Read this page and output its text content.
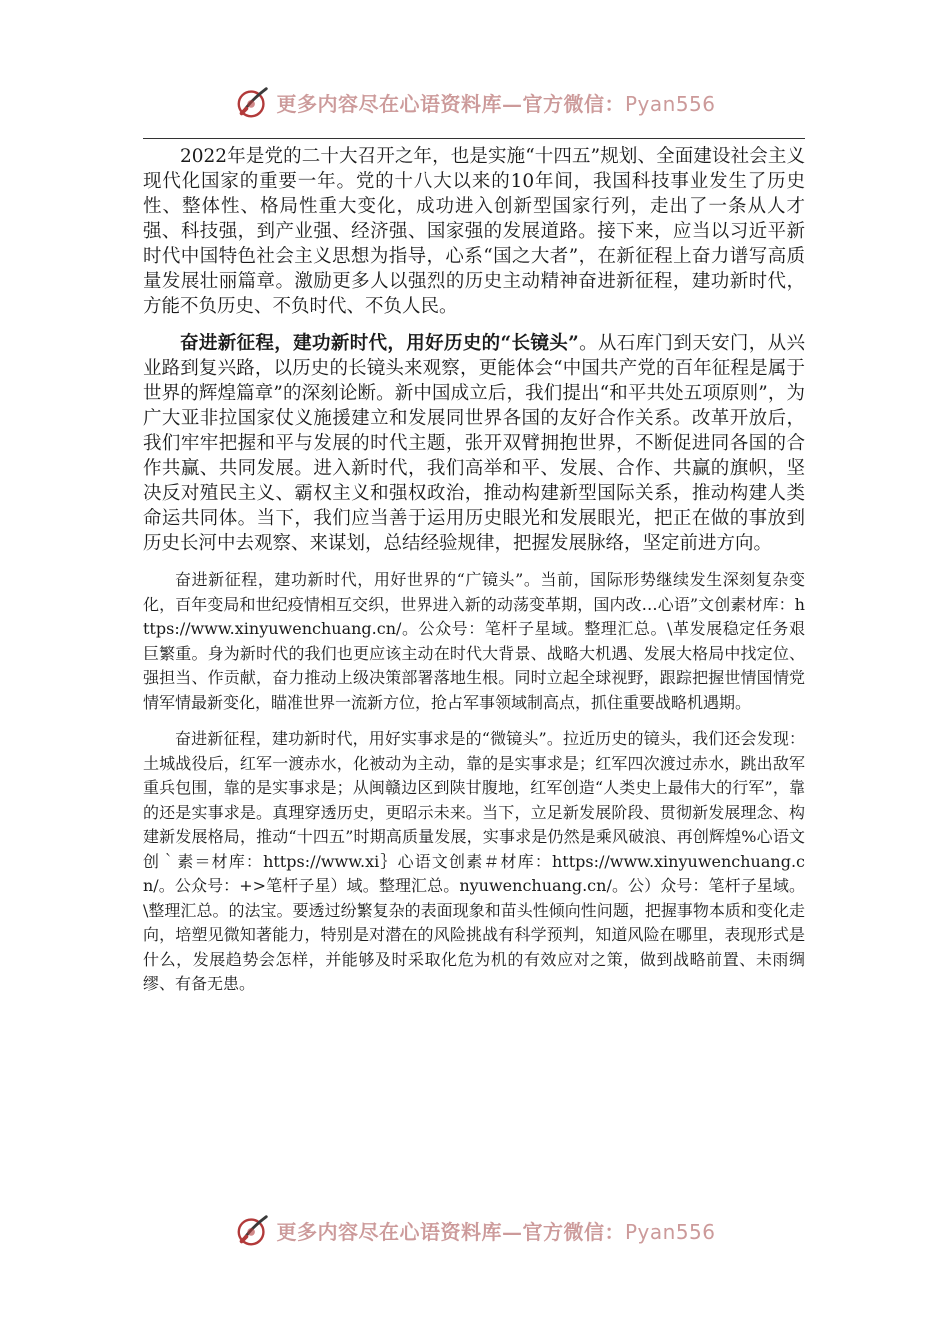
更多内容尽在心语资料库—官方微信：Pyan556

2022年是党的二十大召开之年，也是实施“十四五”规划、全面建设社会主义现代化国家的重要一年。党的十八大以来的10年间，我国科技事业发生了历史性、整体性、格局性重大变化，成功进入创新型国家行列，走出了一条从人才强、科技强，到产业强、经济强、国家强的发展道路。接下来，应当以习近平新时代中国特色社会主义思想为指导，心系“国之大者”，在新征程上奋力谱写高质量发展壮丽篇章。激励更多人以强烈的历史主动精神奋进新征程，建功新时代，方能不负历史、不负时代、不负人民。

奋进新征程，建功新时代，用好历史的“长镜头”。从石库门到天安门，从兴业路到复兴路，以历史的长镜头来观察，更能体会“中国共产党的百年征程是属于世界的辉煌篇章”的深刻论断。新中国成立后，我们提出“和平共处五项原则”，为广大亚非拉国家仗义施援建立和发展同世界各国的友好合作关系。改革开放后，我们牢牢把握和平与发展的时代主题，张开双臂拥抱世界，不断促进同各国的合作共赢、共同发展。进入新时代，我们高举和平、发展、合作、共赢的旗帜，坚决反对殖民主义、霸权主义和强权政治，推动构建新型国际关系，推动构建人类命运共同体。当下，我们应当善于运用历史眼光和发展眼光，把正在做的事放到历史长河中去观察、来谋划，总结经验规律，把握发展脉络，坚定前进方向。

奋进新征程，建功新时代，用好世界的“广镜头”。当前，国际形势继续发生深刻复杂变化，百年变局和世纪疫情相互交织，世界进入新的动荡变革期，国内改…心语”文创素材库：https://www.xinyuwenchuang.cn/。公众号：笔杆子星域。整理汇总。\革发展稳定任务艰巨繁重。身为新时代的我们也更应该主动在时代大背景、战略大机遇、发展大格局中找定位、强担当、作贡献，奋力推动上级决策部署落地生根。同时立起全球视野，跟踪把握世情国情党情军情最新变化，瞄准世界一流新方位，抢占军事领域制高点，抓住重要战略机遇期。

奋进新征程，建功新时代，用好实事求是的“微镜头”。拉近历史的镜头，我们还会发现：土城战役后，红军一渡赤水，化被动为主动，靠的是实事求是；红军四次渡过赤水，跳出敌军重兵包围，靠的是实事求是；从闽赣边区到陕甘腹地，红军创造“人类史上最伟大的行军”，靠的还是实事求是。真理穿透历史，更昭示未来。当下，立足新发展阶段、贯彻新发展理念、构建新发展格局，推动“十四五”时期高质量发展，实事求是仍然是乘风破浪、再创辉煌%心语文创｀素＝材库：https://www.xi｝心语文创素＃材库：https://www.xinyuwenchuang.cn/。公众号：+>笔杆子星）域。整理汇总。nyuwenchuang.cn/。公）众号：笔杆子星域。\整理汇总。的法宝。要透过纷繁复杂的表面现象和苗头性倾向性问题，把握事物本质和变化走向，培塑见微知著能力，特别是对潜在的风险挑战有科学预判，知道风险在哪里，表现形式是什么，发展趋势会怎样，并能够及时采取化危为机的有效应对之策，做到战略前置、未雨绸缪、有备无患。

更多内容尽在心语资料库—官方微信：Pyan556
